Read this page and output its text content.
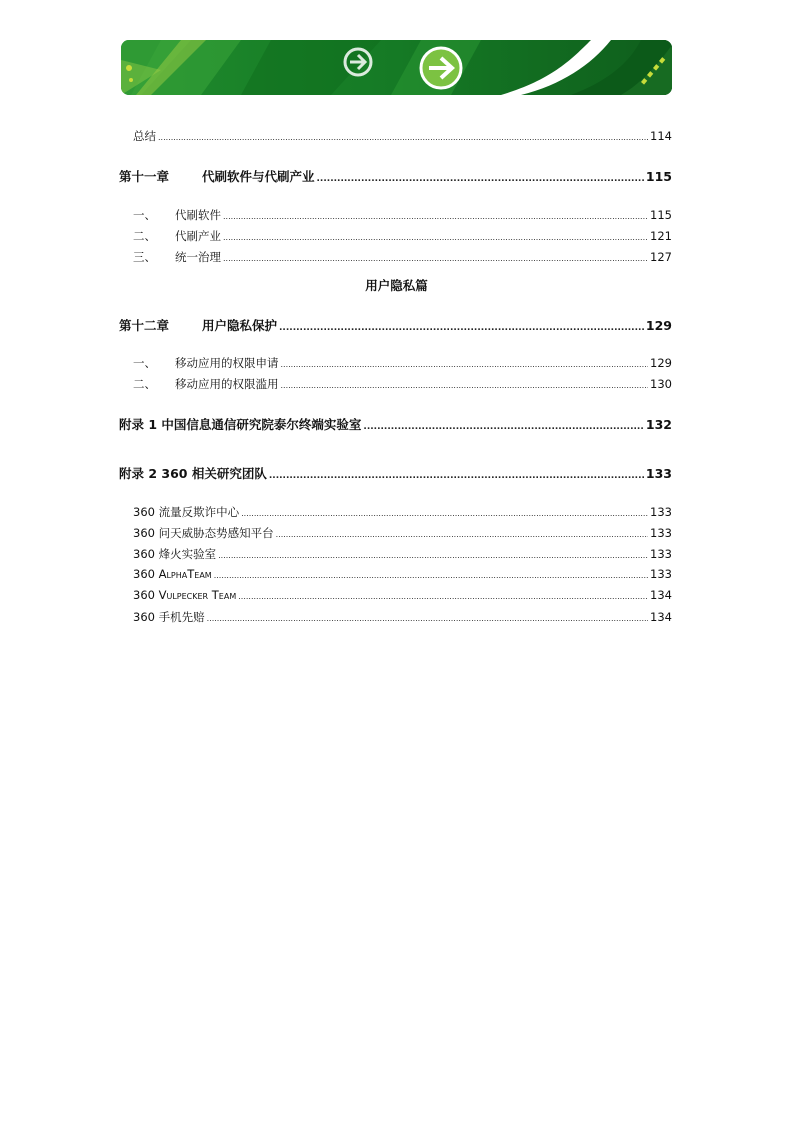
总结 .....	114
第十一章	代刷软件与代刷产业 .....	115
一、 代刷软件 .....	115
二、 代刷产业 .....	121
三、 统一治理 .....	127
用户隐私篇
第十二章	用户隐私保护 .....	129
一、 移动应用的权限申请 .....	129
二、 移动应用的权限滥用 .....	130
附录 1 中国信息通信研究院泰尔终端实验室 .....	132
附录 2 360 相关研究团队 .....	133
360 流量反欺诈中心 .....	133
360 问天威胁态势感知平台 .....	133
360 烽火实验室 .....	133
360 AlphaTeam .....	133
360 Vulpecker Team .....	134
360 手机先赔 .....	134
